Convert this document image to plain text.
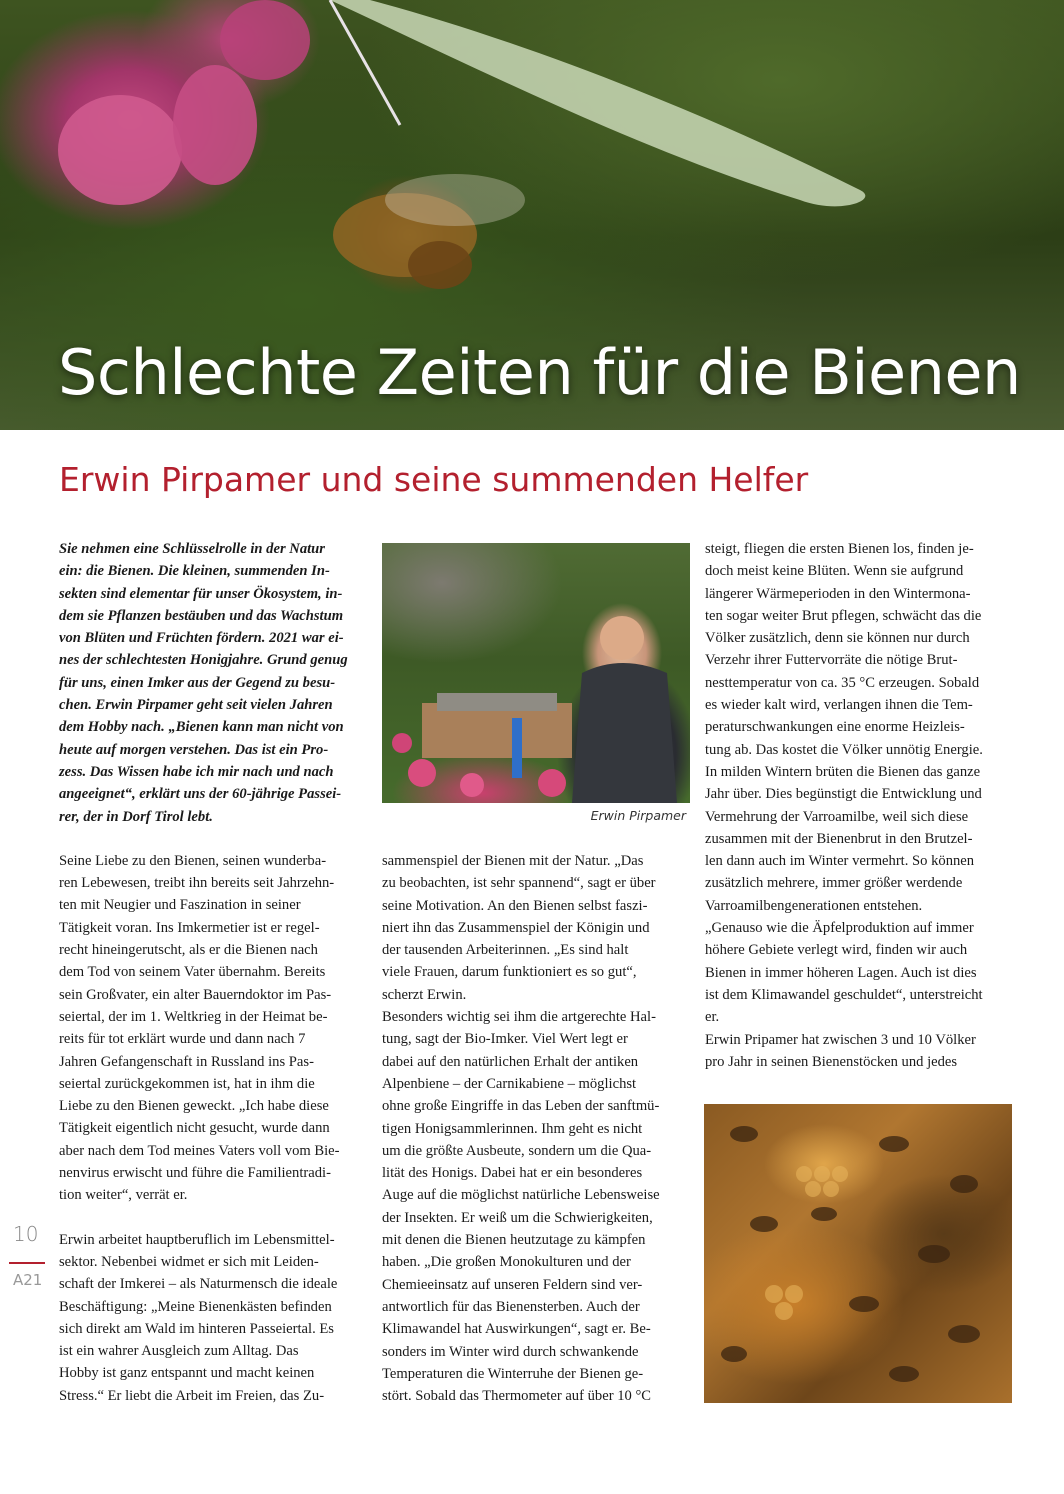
Schlechte Zeiten für die Bienen
Erwin Pirpamer und seine summenden Helfer

Sie nehmen eine Schlüsselrolle in der Natur

ein: die Bienen. Die kleinen, summenden In-

sekten sind elementar für unser Ökosystem, in-

dem sie Pflanzen bestäuben und das Wachstum

von Blüten und Früchten fördern. 2021 war ei-

nes der schlechtesten Honigjahre. Grund genug

für uns, einen Imker aus der Gegend zu besu-

chen. Erwin Pirpamer geht seit vielen Jahren

dem Hobby nach. „Bienen kann man nicht von

heute auf morgen verstehen. Das ist ein Pro-

zess. Das Wissen habe ich mir nach und nach

angeeignet“, erklärt uns der 60-jährige Passei-

rer, der in Dorf Tirol lebt.

Seine Liebe zu den Bienen, seinen wunderba-

ren Lebewesen, treibt ihn bereits seit Jahrzehn-

ten mit Neugier und Faszination in seiner

Tätigkeit voran. Ins Imkermetier ist er regel-

recht hineingerutscht, als er die Bienen nach

dem Tod von seinem Vater übernahm. Bereits

sein Großvater, ein alter Bauerndoktor im Pas-

seiertal, der im 1. Weltkrieg in der Heimat be-

reits für tot erklärt wurde und dann nach 7

Jahren Gefangenschaft in Russland ins Pas-

seiertal zurückgekommen ist, hat in ihm die

Liebe zu den Bienen geweckt. „Ich habe diese

Tätigkeit eigentlich nicht gesucht, wurde dann

aber nach dem Tod meines Vaters voll vom Bie-

nenvirus erwischt und führe die Familientradi-

tion weiter“, verrät er.

Erwin arbeitet hauptberuflich im Lebensmittel-

sektor. Nebenbei widmet er sich mit Leiden-

schaft der Imkerei – als Naturmensch die ideale

Beschäftigung: „Meine Bienenkästen befinden

sich direkt am Wald im hinteren Passeiertal. Es

ist ein wahrer Ausgleich zum Alltag. Das

Hobby ist ganz entspannt und macht keinen

Stress.“ Er liebt die Arbeit im Freien, das Zu-

Erwin Pirpamer

sammenspiel der Bienen mit der Natur. „Das

zu beobachten, ist sehr spannend“, sagt er über

seine Motivation. An den Bienen selbst faszi-

niert ihn das Zusammenspiel der Königin und

der tausenden Arbeiterinnen. „Es sind halt

viele Frauen, darum funktioniert es so gut“,

scherzt Erwin.

Besonders wichtig sei ihm die artgerechte Hal-

tung, sagt der Bio-Imker. Viel Wert legt er

dabei auf den natürlichen Erhalt der antiken

Alpenbiene – der Carnikabiene – möglichst

ohne große Eingriffe in das Leben der sanftmü-

tigen Honigsammlerinnen. Ihm geht es nicht

um die größte Ausbeute, sondern um die Qua-

lität des Honigs. Dabei hat er ein besonderes

Auge auf die möglichst natürliche Lebensweise

der Insekten. Er weiß um die Schwierigkeiten,

mit denen die Bienen heutzutage zu kämpfen

haben. „Die großen Monokulturen und der

Chemieeinsatz auf unseren Feldern sind ver-

antwortlich für das Bienensterben. Auch der

Klimawandel hat Auswirkungen“, sagt er. Be-

sonders im Winter wird durch schwankende

Temperaturen die Winterruhe der Bienen ge-

stört. Sobald das Thermometer auf über 10 °C

steigt, fliegen die ersten Bienen los, finden je-

doch meist keine Blüten. Wenn sie aufgrund

längerer Wärmeperioden in den Wintermona-

ten sogar weiter Brut pflegen, schwächt das die

Völker zusätzlich, denn sie können nur durch

Verzehr ihrer Futtervorräte die nötige Brut-

nesttemperatur von ca. 35 °C erzeugen. Sobald

es wieder kalt wird, verlangen ihnen die Tem-

peraturschwankungen eine enorme Heizleis-

tung ab. Das kostet die Völker unnötig Energie.

In milden Wintern brüten die Bienen das ganze

Jahr über. Dies begünstigt die Entwicklung und

Vermehrung der Varroamilbe, weil sich diese

zusammen mit der Bienenbrut in den Brutzel-

len dann auch im Winter vermehrt. So können

zusätzlich mehrere, immer größer werdende

Varroamilbengenerationen entstehen.

„Genauso wie die Äpfelproduktion auf immer

höhere Gebiete verlegt wird, finden wir auch

Bienen in immer höheren Lagen. Auch ist dies

ist dem Klimawandel geschuldet“, unterstreicht

er.

Erwin Pripamer hat zwischen 3 und 10 Völker

pro Jahr in seinen Bienenstöcken und jedes

10
A21
